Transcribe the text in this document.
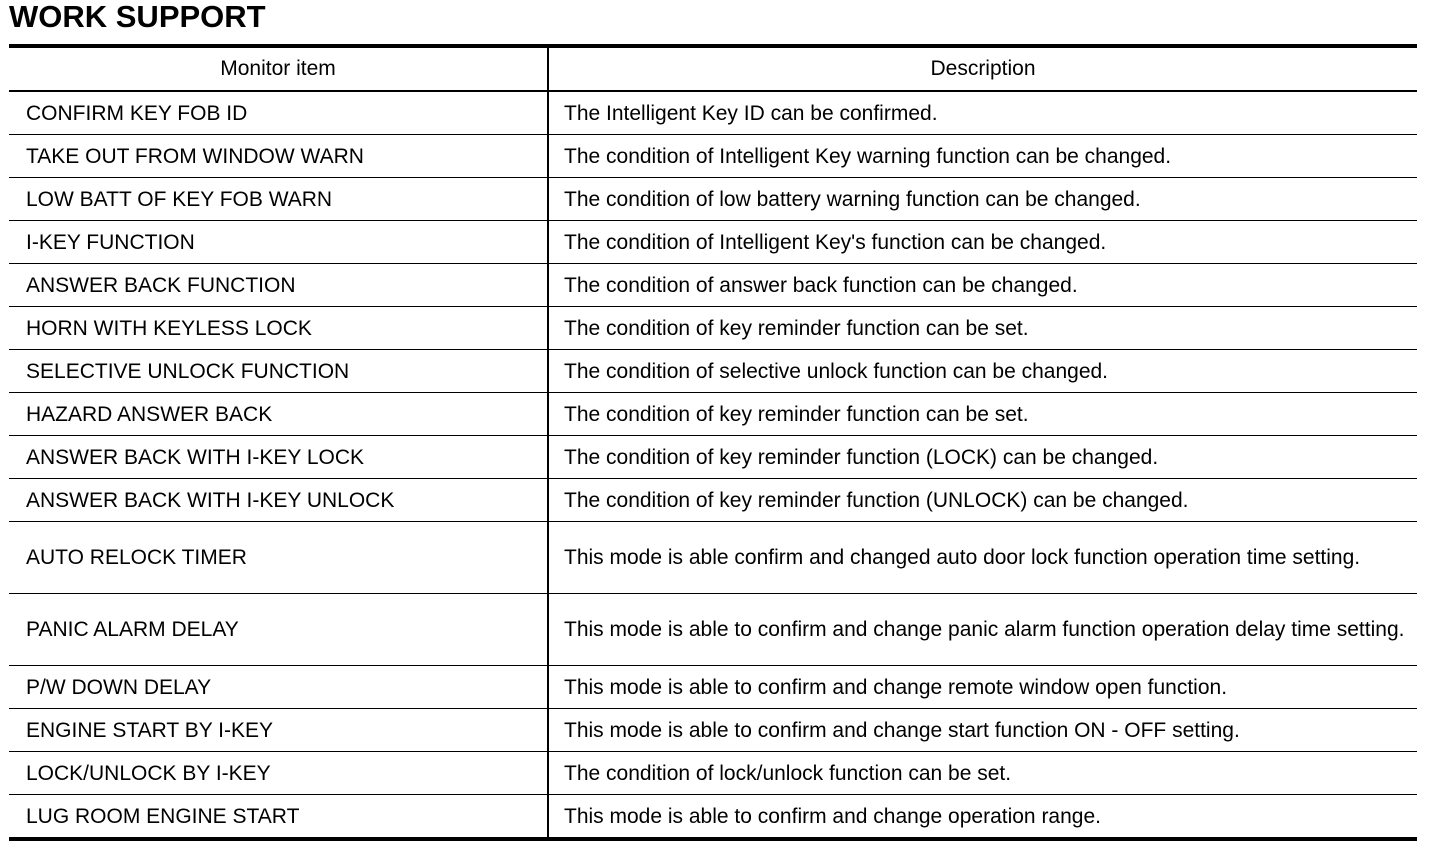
WORK SUPPORT
Monitor item	Description
CONFIRM KEY FOB ID	The Intelligent Key ID can be confirmed.
TAKE OUT FROM WINDOW WARN	The condition of Intelligent Key warning function can be changed.
LOW BATT OF KEY FOB WARN	The condition of low battery warning function can be changed.
I-KEY FUNCTION	The condition of Intelligent Key's function can be changed.
ANSWER BACK FUNCTION	The condition of answer back function can be changed.
HORN WITH KEYLESS LOCK	The condition of key reminder function can be set.
SELECTIVE UNLOCK FUNCTION	The condition of selective unlock function can be changed.
HAZARD ANSWER BACK	The condition of key reminder function can be set.
ANSWER BACK WITH I-KEY LOCK	The condition of key reminder function (LOCK) can be changed.
ANSWER BACK WITH I-KEY UNLOCK	The condition of key reminder function (UNLOCK) can be changed.
AUTO RELOCK TIMER	This mode is able confirm and changed auto door lock function operation time setting.
PANIC ALARM DELAY	This mode is able to confirm and change panic alarm function operation delay time setting.
P/W DOWN DELAY	This mode is able to confirm and change remote window open function.
ENGINE START BY I-KEY	This mode is able to confirm and change start function ON - OFF setting.
LOCK/UNLOCK BY I-KEY	The condition of lock/unlock function can be set.
LUG ROOM ENGINE START	This mode is able to confirm and change operation range.
